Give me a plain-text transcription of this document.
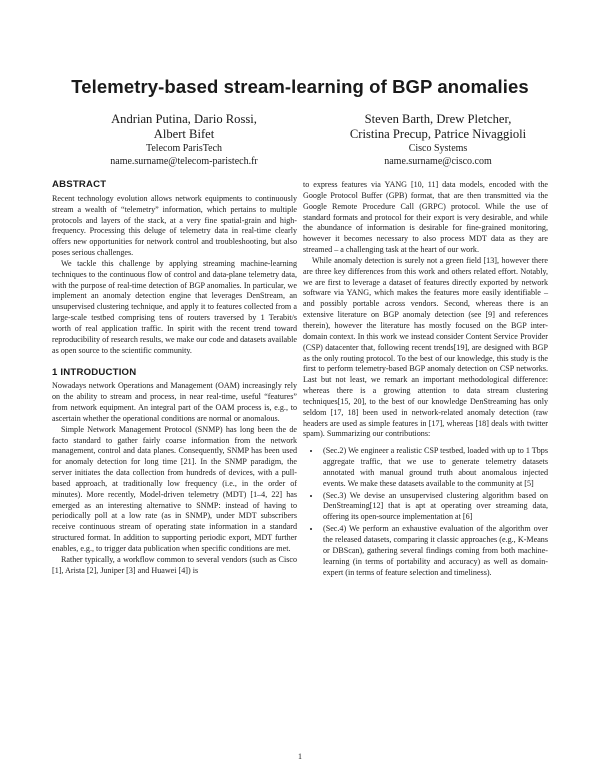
Telemetry-based stream-learning of BGP anomalies
Andrian Putina, Dario Rossi,
Albert Bifet
Telecom ParisTech
name.surname@telecom-paristech.fr
Steven Barth, Drew Pletcher,
Cristina Precup, Patrice Nivaggioli
Cisco Systems
name.surname@cisco.com
ABSTRACT

Recent technology evolution allows network equipments to continuously stream a wealth of “telemetry” information, which pertains to multiple protocols and layers of the stack, at a very fine spatial-grain and high-frequency. Processing this deluge of telemetry data in real-time clearly offers new opportunities for network control and troubleshooting, but also poses serious challenges.

We tackle this challenge by applying streaming machine-learning techniques to the continuous flow of control and data-plane telemetry data, with the purpose of real-time detection of BGP anomalies. In particular, we implement an anomaly detection engine that leverages DenStream, an unsupervised clustering technique, and apply it to features collected from a large-scale testbed comprising tens of routers traversed by 1 Terabit/s worth of real application traffic. In spirit with the recent trend toward reproducibility of research results, we make our code and datasets available as open source to the scientific community.

1 INTRODUCTION

Nowadays network Operations and Management (OAM) increasingly rely on the ability to stream and process, in near real-time, useful “features” from network equipment. An integral part of the OAM process is, e.g., to ascertain whether the operational conditions are normal or anomalous.

Simple Network Management Protocol (SNMP) has long been the de facto standard to gather fairly coarse information from the network management, control and data planes. Consequently, SNMP has been used for anomaly detection for long time [21]. In the SNMP paradigm, the server initiates the data collection from hundreds of devices, with a pull-based approach, at traditionally low frequency (i.e., in the order of minutes). More recently, Model-driven telemetry (MDT) [1–4, 22] has emerged as an interesting alternative to SNMP: instead of having to periodically poll at a low rate (as in SNMP), under MDT subscribers receive continuous stream of operating state information in a standard structured format. In addition to supporting periodic export, MDT further enables, e.g., to trigger data publication when specific conditions are met.

Rather typically, a workflow common to several vendors (such as Cisco [1], Arista [2], Juniper [3] and Huawei [4]) is

to express features via YANG [10, 11] data models, encoded with the Google Protocol Buffer (GPB) format, that are then transmitted via the Google Remote Procedure Call (GRPC) protocol. While the use of standard formats and protocol for their export is very desirable, and while the abundance of information is desirable for fine-grained monitoring, however it becomes necessary to also process MDT data as they are streamed – a challenging task at the heart of our work.

While anomaly detection is surely not a green field [13], however there are three key differences from this work and others related effort. Notably, we are first to leverage a dataset of features directly exported by network software via YANG, which makes the features more easily identifiable – and possibly portable across vendors. Second, whereas there is an extensive literature on BGP anomaly detection (see [9] and references therein), however the literature has mostly focused on the BGP inter-domain context. In this work we instead consider Content Service Provider (CSP) datacenter that, following recent trends[19], are designed with BGP as the only routing protocol. To the best of our knowledge, this study is the first to perform telemetry-based BGP anomaly detection on CSP networks. Last but not least, we remark an important methodological difference: whereas there is a growing attention to data stream clustering techniques[15, 20], to the best of our knowledge DenStreaming has only seldom [17, 18] been used in network-related anomaly detection (raw headers are used as simple features in [17], whereas [18] deals with twitter spam). Summarizing our contributions:

• (Sec.2) We engineer a realistic CSP testbed, loaded with up to 1 Tbps aggregate traffic, that we use to generate telemetry datasets annotated with manual ground truth about anomalous injected events. We make these datasets available to the community at [5]
• (Sec.3) We devise an unsupervised clustering algorithm based on DenStreaming[12] that is apt at operating over streaming data, offering its open-source implementation at [6]
• (Sec.4) We perform an exhaustive evaluation of the algorithm over the released datasets, comparing it classic approaches (e.g., K-Means or DBScan), gathering several findings coming from both machine-learning (in terms of portability and accuracy) as well as domain-expert (in terms of feature selection and timeliness).
1
